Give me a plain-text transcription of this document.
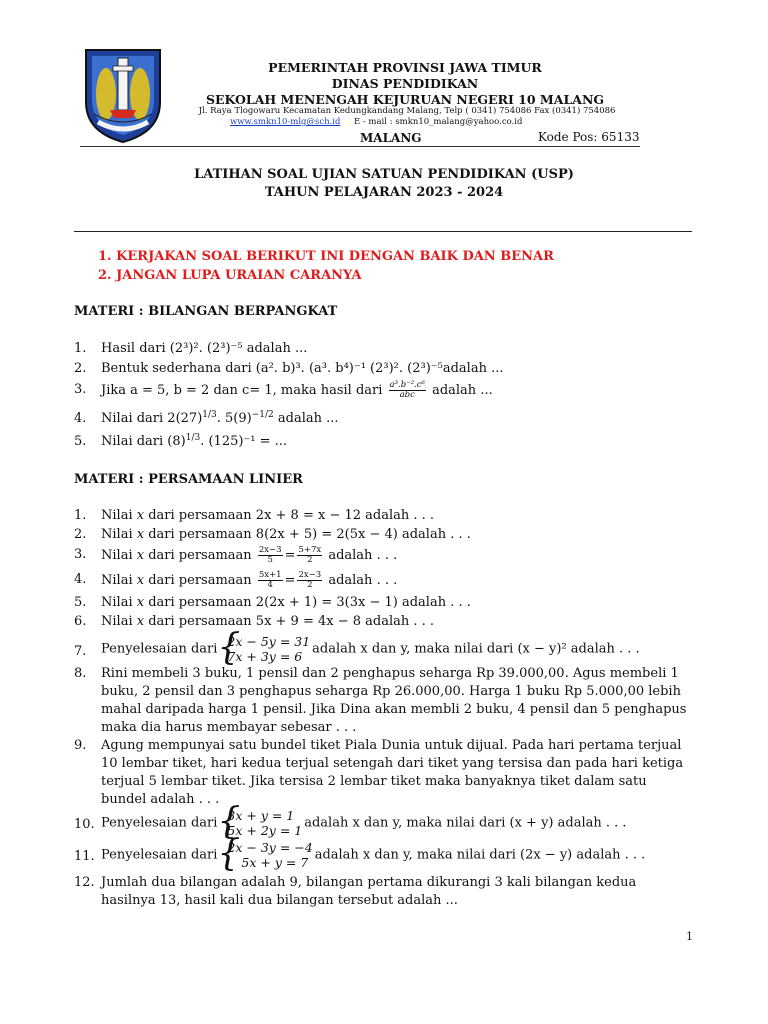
PEMERINTAH PROVINSI JAWA TIMUR
DINAS PENDIDIKAN
SEKOLAH MENENGAH KEJURUAN NEGERI 10 MALANG
Jl. Raya Tlogowaru Kecamatan Kedungkandang Malang, Telp ( 0341) 754086 Fax (0341) 754086
www.smkn10-mlg@sch.id E - mail : smkn10_malang@yahoo.co.id
MALANG	Kode Pos: 65133
LATIHAN SOAL UJIAN SATUAN PENDIDIKAN (USP)
TAHUN PELAJARAN 2023 - 2024
1. KERJAKAN SOAL BERIKUT INI DENGAN BAIK DAN BENAR
2. JANGAN LUPA URAIAN CARANYA
MATERI : BILANGAN BERPANGKAT
1. Hasil dari (2³)². (2³)⁻⁵ adalah ...
2. Bentuk sederhana dari (a². b)³. (a³. b⁴)⁻¹ (2³)². (2³)⁻⁵adalah ...
3. Jika a = 5, b = 2 dan c= 1, maka hasil dari $\frac{\text{a³.b⁻².c⁶}}{\text{abc}}$ adalah ...
4. Nilai dari $2(27)^{1/3}$. $5(9)^{-1/2}$ adalah ...
5. Nilai dari $(8)^{1/3}$. (125)⁻¹ = ...
MATERI : PERSAMAAN LINIER
1. Nilai x dari persamaan 2x + 8 = x − 12 adalah . . .
2. Nilai x dari persamaan 8(2x + 5) = 2(5x − 4) adalah . . .
3. Nilai x dari persamaan $\frac{2x-3}{5} = \frac{5+7x}{2}$ adalah . . .
4. Nilai x dari persamaan $\frac{5x+1}{4} = \frac{2x-3}{2}$ adalah . . .
5. Nilai x dari persamaan 2(2x + 1) = 3(3x − 1) adalah . . .
6. Nilai x dari persamaan 5x + 9 = 4x − 8 adalah . . .
7. Penyelesaian dari { 2x − 5y = 31
7x + 3y = 6 adalah x dan y, maka nilai dari (x − y)² adalah . . .
8. Rini membeli 3 buku, 1 pensil dan 2 penghapus seharga Rp 39.000,00. Agus membeli 1 buku, 2 pensil dan 3 penghapus seharga Rp 26.000,00. Harga 1 buku Rp 5.000,00 lebih mahal daripada harga 1 pensil. Jika Dina akan membli 2 buku, 4 pensil dan 5 penghapus maka dia harus membayar sebesar . . .
9. Agung mempunyai satu bundel tiket Piala Dunia untuk dijual. Pada hari pertama terjual 10 lembar tiket, hari kedua terjual setengah dari tiket yang tersisa dan pada hari ketiga terjual 5 lembar tiket. Jika tersisa 2 lembar tiket maka banyaknya tiket dalam satu bundel adalah . . .
10. Penyelesaian dari { 3x + y = 1
5x + 2y = 1 adalah x dan y, maka nilai dari (x + y) adalah . . .
11. Penyelesaian dari { 2x − 3y = −4
5x + y = 7 adalah x dan y, maka nilai dari (2x − y) adalah . . .
12. Jumlah dua bilangan adalah 9, bilangan pertama dikurangi 3 kali bilangan kedua hasilnya 13, hasil kali dua bilangan tersebut adalah ...
1
